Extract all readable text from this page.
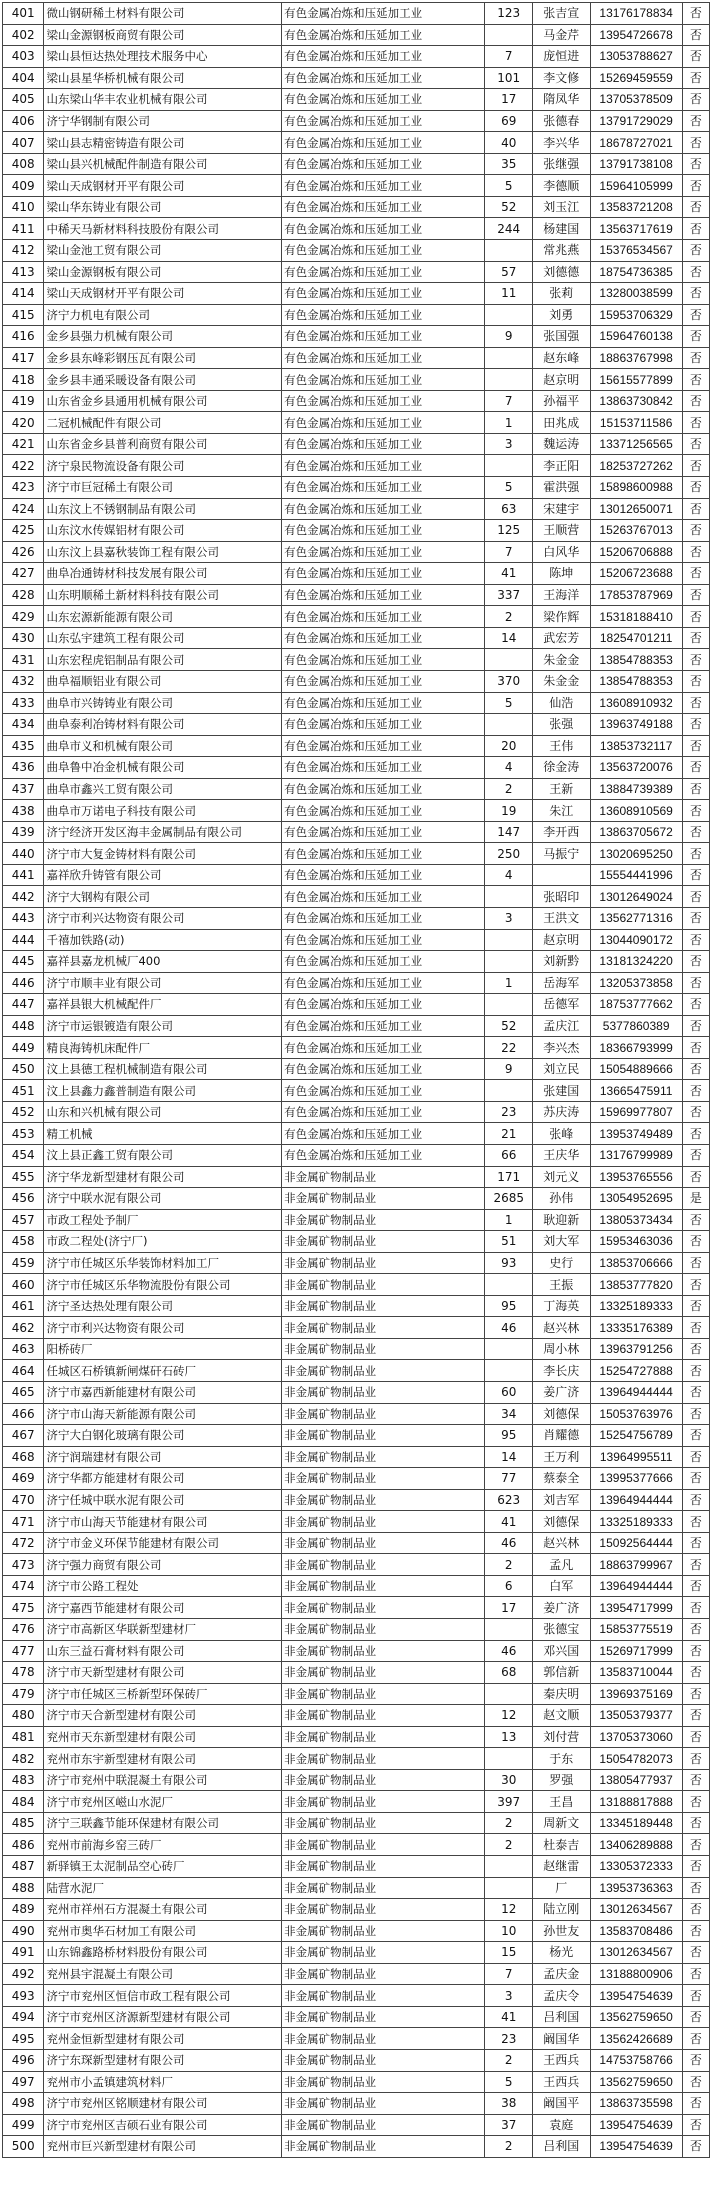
401	微山钢研稀土材料有限公司	有色金属冶炼和压延加工业	123	张吉宣	13176178834	否
402	梁山金源钢板商贸有限公司	有色金属冶炼和压延加工业		马金芹	13954726678	否
403	梁山县恒达热处理技术服务中心	有色金属冶炼和压延加工业	7	庞恒进	13053788627	否
404	梁山县星华桥机械有限公司	有色金属冶炼和压延加工业	101	李文修	15269459559	否
405	山东梁山华丰农业机械有限公司	有色金属冶炼和压延加工业	17	隋凤华	13705378509	否
406	济宁华钢制有限公司	有色金属冶炼和压延加工业	69	张德春	13791729029	否
407	梁山县志精密铸造有限公司	有色金属冶炼和压延加工业	40	李兴华	18678727021	否
408	梁山县兴机械配件制造有限公司	有色金属冶炼和压延加工业	35	张继强	13791738108	否
409	梁山天成钢材开平有限公司	有色金属冶炼和压延加工业	5	李德顺	15964105999	否
410	梁山华东铸业有限公司	有色金属冶炼和压延加工业	52	刘玉江	13583721208	否
411	中稀天马新材料科技股份有限公司	有色金属冶炼和压延加工业	244	杨建国	13563717619	否
412	梁山金池工贸有限公司	有色金属冶炼和压延加工业		常兆燕	15376534567	否
413	梁山金源钢板有限公司	有色金属冶炼和压延加工业	57	刘德德	18754736385	否
414	梁山天成钢材开平有限公司	有色金属冶炼和压延加工业	11	张莉	13280038599	否
415	济宁力机电有限公司	有色金属冶炼和压延加工业		刘勇	15953706329	否
416	金乡县强力机械有限公司	有色金属冶炼和压延加工业	9	张国强	15964760138	否
417	金乡县东峰彩钢压瓦有限公司	有色金属冶炼和压延加工业		赵东峰	18863767998	否
418	金乡县丰通采暖设备有限公司	有色金属冶炼和压延加工业		赵京明	15615577899	否
419	山东省金乡县通用机械有限公司	有色金属冶炼和压延加工业	7	孙福平	13863730842	否
420	二冠机械配件有限公司	有色金属冶炼和压延加工业	1	田兆成	15153711586	否
421	山东省金乡县普利商贸有限公司	有色金属冶炼和压延加工业	3	魏运涛	13371256565	否
422	济宁泉民物流设备有限公司	有色金属冶炼和压延加工业		李正阳	18253727262	否
423	济宁市巨冠稀土有限公司	有色金属冶炼和压延加工业	5	霍洪强	15898600988	否
424	山东汶上不锈钢制品有限公司	有色金属冶炼和压延加工业	63	宋建宇	13012650071	否
425	山东汶水传媒铝材有限公司	有色金属冶炼和压延加工业	125	王顺营	15263767013	否
426	山东汶上县嘉秋装饰工程有限公司	有色金属冶炼和压延加工业	7	白风华	15206706888	否
427	曲阜冶通铸材科技发展有限公司	有色金属冶炼和压延加工业	41	陈坤	15206723688	否
428	山东明顺稀土新材料科技有限公司	有色金属冶炼和压延加工业	337	王海洋	17853787969	否
429	山东宏源新能源有限公司	有色金属冶炼和压延加工业	2	梁作辉	15318188410	否
430	山东弘宇建筑工程有限公司	有色金属冶炼和压延加工业	14	武宏芳	18254701211	否
431	山东宏程虎铝制品有限公司	有色金属冶炼和压延加工业		朱金金	13854788353	否
432	曲阜福顺铝业有限公司	有色金属冶炼和压延加工业	370	朱金金	13854788353	否
433	曲阜市兴铸铸业有限公司	有色金属冶炼和压延加工业	5	仙浩	13608910932	否
434	曲阜泰利冶铸材料有限公司	有色金属冶炼和压延加工业		张强	13963749188	否
435	曲阜市义和机械有限公司	有色金属冶炼和压延加工业	20	王伟	13853732117	否
436	曲阜鲁中冶金机械有限公司	有色金属冶炼和压延加工业	4	徐金涛	13563720076	否
437	曲阜市鑫兴工贸有限公司	有色金属冶炼和压延加工业	2	王新	13884739389	否
438	曲阜市万诺电子科技有限公司	有色金属冶炼和压延加工业	19	朱江	13608910569	否
439	济宁经济开发区海丰金属制品有限公司	有色金属冶炼和压延加工业	147	李开西	13863705672	否
440	济宁市大复金铸材料有限公司	有色金属冶炼和压延加工业	250	马振宁	13020695250	否
441	嘉祥欣升铸管有限公司	有色金属冶炼和压延加工业	4		15554441996	否
442	济宁大钢构有限公司	有色金属冶炼和压延加工业		张昭印	13012649024	否
443	济宁市利兴达物资有限公司	有色金属冶炼和压延加工业	3	王洪文	13562771316	否
444	千禧加铁路(动)	有色金属冶炼和压延加工业		赵京明	13044090172	否
445	嘉祥县嘉龙机械厂400	有色金属冶炼和压延加工业		刘新黔	13181324220	否
446	济宁市顺丰业有限公司	有色金属冶炼和压延加工业	1	岳海军	13205373858	否
447	嘉祥县银大机械配件厂	有色金属冶炼和压延加工业		岳德军	18753777662	否
448	济宁市运银镀造有限公司	有色金属冶炼和压延加工业	52	孟庆江	5377860389	否
449	精良海铸机床配件厂	有色金属冶炼和压延加工业	22	李兴杰	18366793999	否
450	汶上县德工程机械制造有限公司	有色金属冶炼和压延加工业	9	刘立民	15054889666	否
451	汶上县鑫力鑫普制造有限公司	有色金属冶炼和压延加工业		张建国	13665475911	否
452	山东和兴机械有限公司	有色金属冶炼和压延加工业	23	苏庆涛	15969977807	否
453	精工机械	有色金属冶炼和压延加工业	21	张峰	13953749489	否
454	汶上县正鑫工贸有限公司	有色金属冶炼和压延加工业	66	王庆华	13176799989	否
455	济宁华龙新型建材有限公司	非金属矿物制品业	171	刘元义	13953765556	否
456	济宁中联水泥有限公司	非金属矿物制品业	2685	孙伟	13054952695	是
457	市政工程处予制厂	非金属矿物制品业	1	耿迎新	13805373434	否
458	市政二程处(济宁厂)	非金属矿物制品业	51	刘大军	15953463036	否
459	济宁市任城区乐华装饰材料加工厂	非金属矿物制品业	93	史行	13853706666	否
460	济宁市任城区乐华物流股份有限公司	非金属矿物制品业		王振	13853777820	否
461	济宁圣达热处理有限公司	非金属矿物制品业	95	丁海英	13325189333	否
462	济宁市利兴达物资有限公司	非金属矿物制品业	46	赵兴林	13335176389	否
463	阳桥砖厂	非金属矿物制品业		周小林	13963791256	否
464	任城区石桥镇新闸煤矸石砖厂	非金属矿物制品业		李长庆	15254727888	否
465	济宁市嘉西新能建材有限公司	非金属矿物制品业	60	姜广济	13964944444	否
466	济宁市山海天新能源有限公司	非金属矿物制品业	34	刘德保	15053763976	否
467	济宁大白钢化玻璃有限公司	非金属矿物制品业	95	肖耀德	15254756789	否
468	济宁润瑞建材有限公司	非金属矿物制品业	14	王万利	13964995511	否
469	济宁华都方能建材有限公司	非金属矿物制品业	77	蔡泰全	13995377666	否
470	济宁任城中联水泥有限公司	非金属矿物制品业	623	刘吉军	13964944444	否
471	济宁市山海天节能建材有限公司	非金属矿物制品业	41	刘德保	13325189333	否
472	济宁市金义环保节能建材有限公司	非金属矿物制品业	46	赵兴林	15092564444	否
473	济宁强力商贸有限公司	非金属矿物制品业	2	孟凡	18863799967	否
474	济宁市公路工程处	非金属矿物制品业	6	白军	13964944444	否
475	济宁嘉西节能建材有限公司	非金属矿物制品业	17	姜广济	13954717999	否
476	济宁市高新区华联新型建材厂	非金属矿物制品业		张德宝	15853775519	否
477	山东三益石膏材料有限公司	非金属矿物制品业	46	邓兴国	15269717999	否
478	济宁市天新型建材有限公司	非金属矿物制品业	68	郭信新	13583710044	否
479	济宁市任城区三桥新型环保砖厂	非金属矿物制品业		秦庆明	13969375169	否
480	济宁市天合新型建材有限公司	非金属矿物制品业	12	赵文顺	13505379377	否
481	兖州市天东新型建材有限公司	非金属矿物制品业	13	刘付营	13705373060	否
482	兖州市东宇新型建材有限公司	非金属矿物制品业		于东	15054782073	否
483	济宁市兖州中联混凝土有限公司	非金属矿物制品业	30	罗强	13805477937	否
484	济宁市兖州区嵫山水泥厂	非金属矿物制品业	397	王昌	13188817888	否
485	济宁三联鑫节能环保建材有限公司	非金属矿物制品业	2	周新文	13345189448	否
486	兖州市前海乡窑三砖厂	非金属矿物制品业	2	杜泰吉	13406289888	否
487	新驿镇王太泥制品空心砖厂	非金属矿物制品业		赵继雷	13305372333	否
488	陆营水泥厂	非金属矿物制品业		厂	13953736363	否
489	兖州市祥州石方混凝土有限公司	非金属矿物制品业	12	陆立刚	13012634567	否
490	兖州市奥华石材加工有限公司	非金属矿物制品业	10	孙世友	13583708486	否
491	山东锦鑫路桥材料股份有限公司	非金属矿物制品业	15	杨光	13012634567	否
492	兖州县宇混凝土有限公司	非金属矿物制品业	7	孟庆金	13188800906	否
493	济宁市兖州区恒信市政工程有限公司	非金属矿物制品业	3	孟庆令	13954754639	否
494	济宁市兖州区济源新型建材有限公司	非金属矿物制品业	41	吕利国	13562759650	否
495	兖州金恒新型建材有限公司	非金属矿物制品业	23	阚国华	13562426689	否
496	济宁东琛新型建材有限公司	非金属矿物制品业	2	王西兵	14753758766	否
497	兖州市小孟镇建筑材料厂	非金属矿物制品业	5	王西兵	13562759650	否
498	济宁市兖州区铭顺建材有限公司	非金属矿物制品业	38	阚国平	13863735598	否
499	济宁市兖州区吉硕石业有限公司	非金属矿物制品业	37	袁庭	13954754639	否
500	兖州市巨兴新型建材有限公司	非金属矿物制品业	2	吕利国	13954754639	否
